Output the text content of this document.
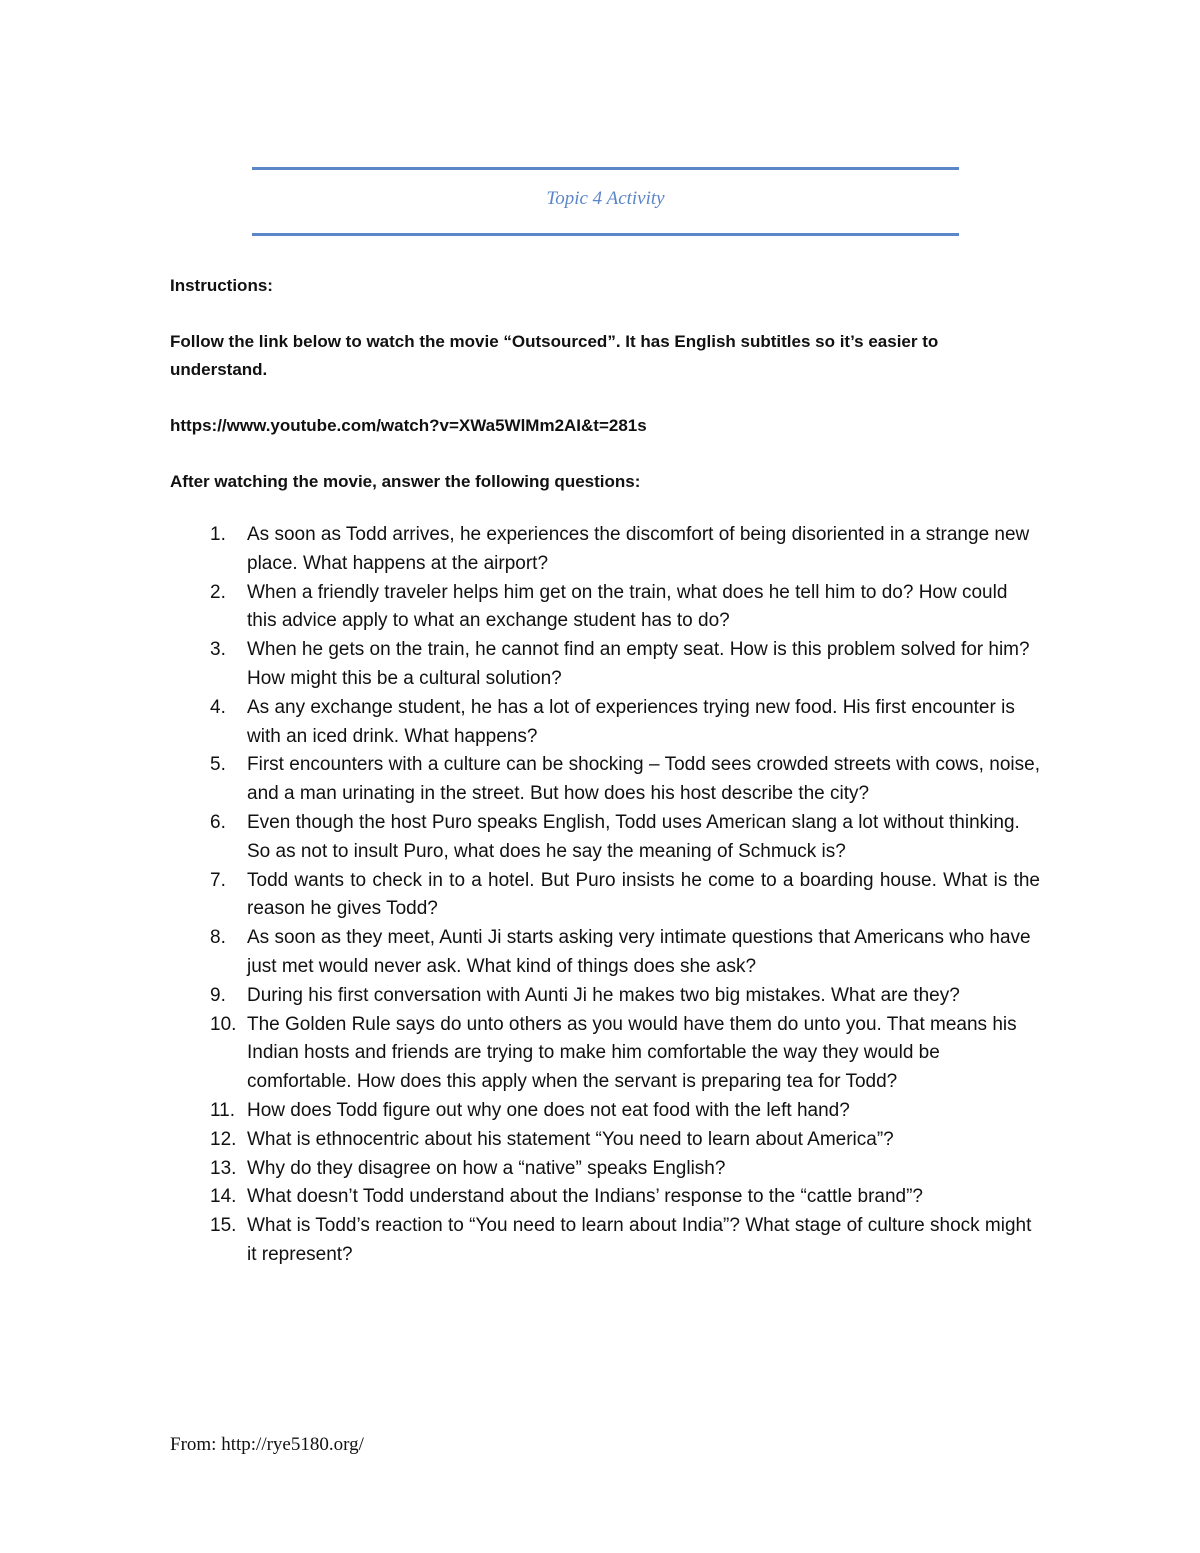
Topic 4 Activity
Instructions:
Follow the link below to watch the movie “Outsourced”. It has English subtitles so it’s easier to understand.
https://www.youtube.com/watch?v=XWa5WlMm2AI&t=281s
After watching the movie, answer the following questions:
1. As soon as Todd arrives, he experiences the discomfort of being disoriented in a strange new place. What happens at the airport?
2. When a friendly traveler helps him get on the train, what does he tell him to do? How could this advice apply to what an exchange student has to do?
3. When he gets on the train, he cannot find an empty seat. How is this problem solved for him? How might this be a cultural solution?
4. As any exchange student, he has a lot of experiences trying new food. His first encounter is with an iced drink. What happens?
5. First encounters with a culture can be shocking – Todd sees crowded streets with cows, noise, and a man urinating in the street. But how does his host describe the city?
6. Even though the host Puro speaks English, Todd uses American slang a lot without thinking. So as not to insult Puro, what does he say the meaning of Schmuck is?
7. Todd wants to check in to a hotel. But Puro insists he come to a boarding house. What is the reason he gives Todd?
8. As soon as they meet, Aunti Ji starts asking very intimate questions that Americans who have just met would never ask. What kind of things does she ask?
9. During his first conversation with Aunti Ji he makes two big mistakes. What are they?
10. The Golden Rule says do unto others as you would have them do unto you. That means his Indian hosts and friends are trying to make him comfortable the way they would be comfortable. How does this apply when the servant is preparing tea for Todd?
11. How does Todd figure out why one does not eat food with the left hand?
12. What is ethnocentric about his statement “You need to learn about America”?
13. Why do they disagree on how a “native” speaks English?
14. What doesn’t Todd understand about the Indians’ response to the “cattle brand”?
15. What is Todd’s reaction to “You need to learn about India”? What stage of culture shock might it represent?
From: http://rye5180.org/
